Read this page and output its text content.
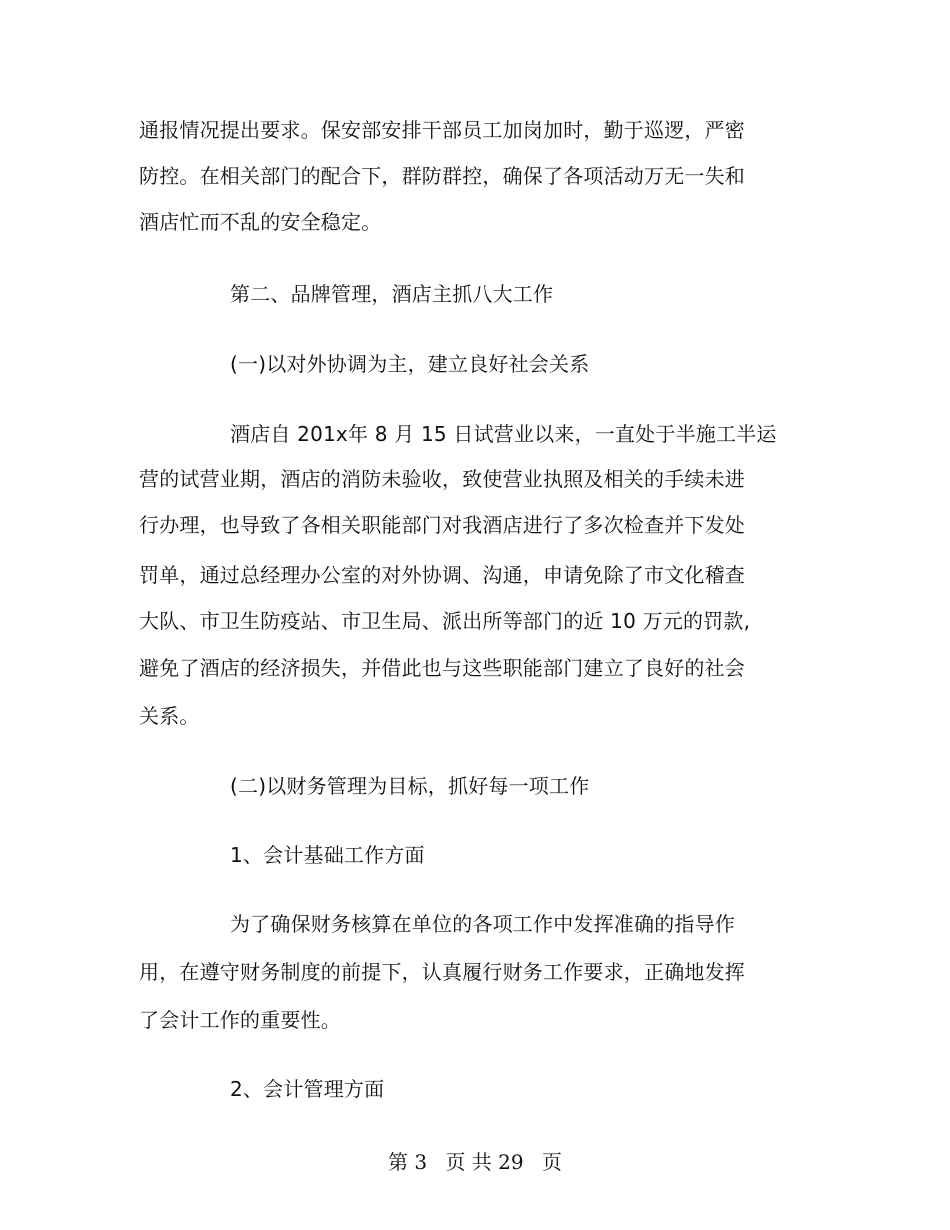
通报情况提出要求。保安部安排干部员工加岗加时，勤于巡逻，严密
防控。在相关部门的配合下，群防群控，确保了各项活动万无一失和
酒店忙而不乱的安全稳定。
第二、品牌管理，酒店主抓八大工作
(一)以对外协调为主，建立良好社会关系
酒店自 201x年 8 月 15 日试营业以来，一直处于半施工半运
营的试营业期，酒店的消防未验收，致使营业执照及相关的手续未进
行办理，也导致了各相关职能部门对我酒店进行了多次检查并下发处
罚单，通过总经理办公室的对外协调、沟通，申请免除了市文化稽查
大队、市卫生防疫站、市卫生局、派出所等部门的近 10 万元的罚款,
避免了酒店的经济损失，并借此也与这些职能部门建立了良好的社会
关系。
(二)以财务管理为目标，抓好每一项工作
1、会计基础工作方面
为了确保财务核算在单位的各项工作中发挥准确的指导作
用，在遵守财务制度的前提下，认真履行财务工作要求，正确地发挥
了会计工作的重要性。
2、会计管理方面
第 3 页 共 29 页
